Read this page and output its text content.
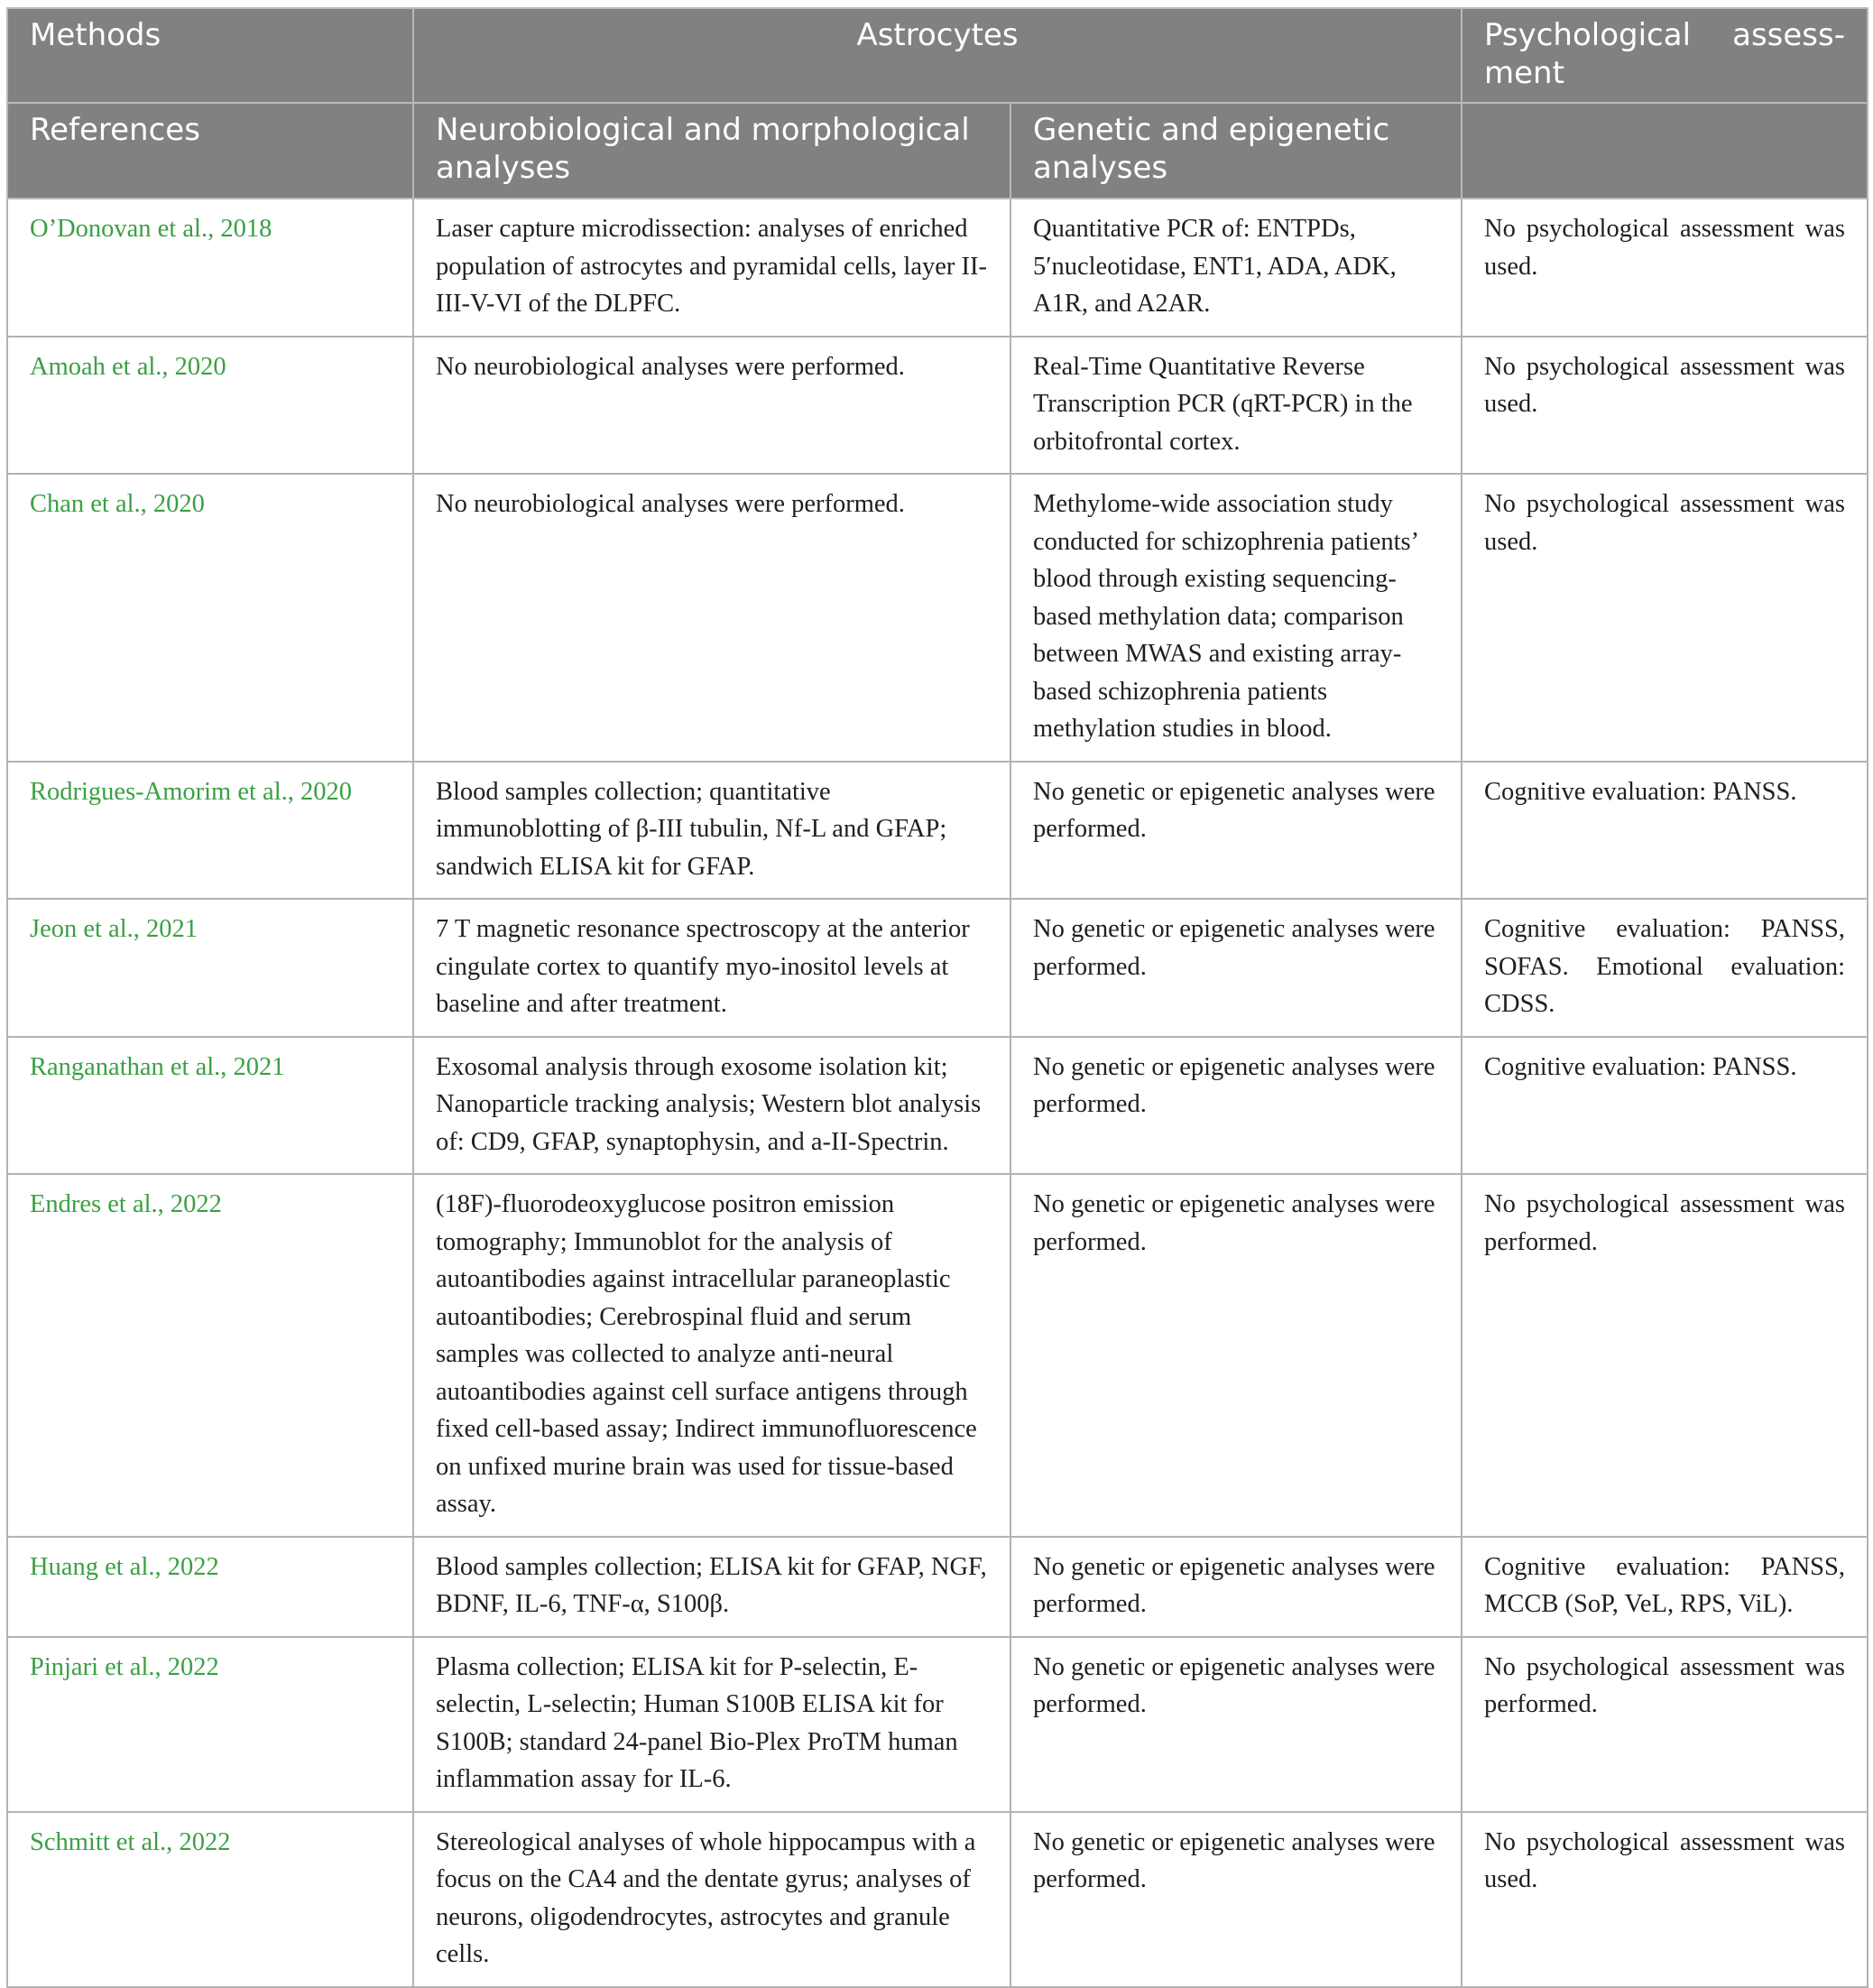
Methods	Astrocytes		Psychological assess-ment
References	Neurobiological and morphological analyses	Genetic and epigenetic analyses	
O’Donovan et al., 2018	Laser capture microdissection: analyses of enriched population of astrocytes and pyramidal cells, layer II-III-V-VI of the DLPFC.	Quantitative PCR of: ENTPDs, 5′nucleotidase, ENT1, ADA, ADK, A1R, and A2AR.	No psychological assessment was used.
Amoah et al., 2020	No neurobiological analyses were performed.	Real-Time Quantitative Reverse Transcription PCR (qRT-PCR) in the orbitofrontal cortex.	No psychological assessment was used.
Chan et al., 2020	No neurobiological analyses were performed.	Methylome-wide association study conducted for schizophrenia patients’ blood through existing sequencing-based methylation data; comparison between MWAS and existing array-based schizophrenia patients methylation studies in blood.	No psychological assessment was used.
Rodrigues-Amorim et al., 2020	Blood samples collection; quantitative immunoblotting of β-III tubulin, Nf-L and GFAP; sandwich ELISA kit for GFAP.	No genetic or epigenetic analyses were performed.	Cognitive evaluation: PANSS.
Jeon et al., 2021	7 T magnetic resonance spectroscopy at the anterior cingulate cortex to quantify myo-inositol levels at baseline and after treatment.	No genetic or epigenetic analyses were performed.	Cognitive evaluation: PANSS, SOFAS. Emotional evaluation: CDSS.
Ranganathan et al., 2021	Exosomal analysis through exosome isolation kit; Nanoparticle tracking analysis; Western blot analysis of: CD9, GFAP, synaptophysin, and a-II-Spectrin.	No genetic or epigenetic analyses were performed.	Cognitive evaluation: PANSS.
Endres et al., 2022	(18F)-fluorodeoxyglucose positron emission tomography; Immunoblot for the analysis of autoantibodies against intracellular paraneoplastic autoantibodies; Cerebrospinal fluid and serum samples was collected to analyze anti-neural autoantibodies against cell surface antigens through fixed cell-based assay; Indirect immunofluorescence on unfixed murine brain was used for tissue-based assay.	No genetic or epigenetic analyses were performed.	No psychological assessment was performed.
Huang et al., 2022	Blood samples collection; ELISA kit for GFAP, NGF, BDNF, IL-6, TNF-α, S100β.	No genetic or epigenetic analyses were performed.	Cognitive evaluation: PANSS, MCCB (SoP, VeL, RPS, ViL).
Pinjari et al., 2022	Plasma collection; ELISA kit for P-selectin, E-selectin, L-selectin; Human S100B ELISA kit for S100B; standard 24-panel Bio-Plex ProTM human inflammation assay for IL-6.	No genetic or epigenetic analyses were performed.	No psychological assessment was performed.
Schmitt et al., 2022	Stereological analyses of whole hippocampus with a focus on the CA4 and the dentate gyrus; analyses of neurons, oligodendrocytes, astrocytes and granule cells.	No genetic or epigenetic analyses were performed.	No psychological assessment was used.
